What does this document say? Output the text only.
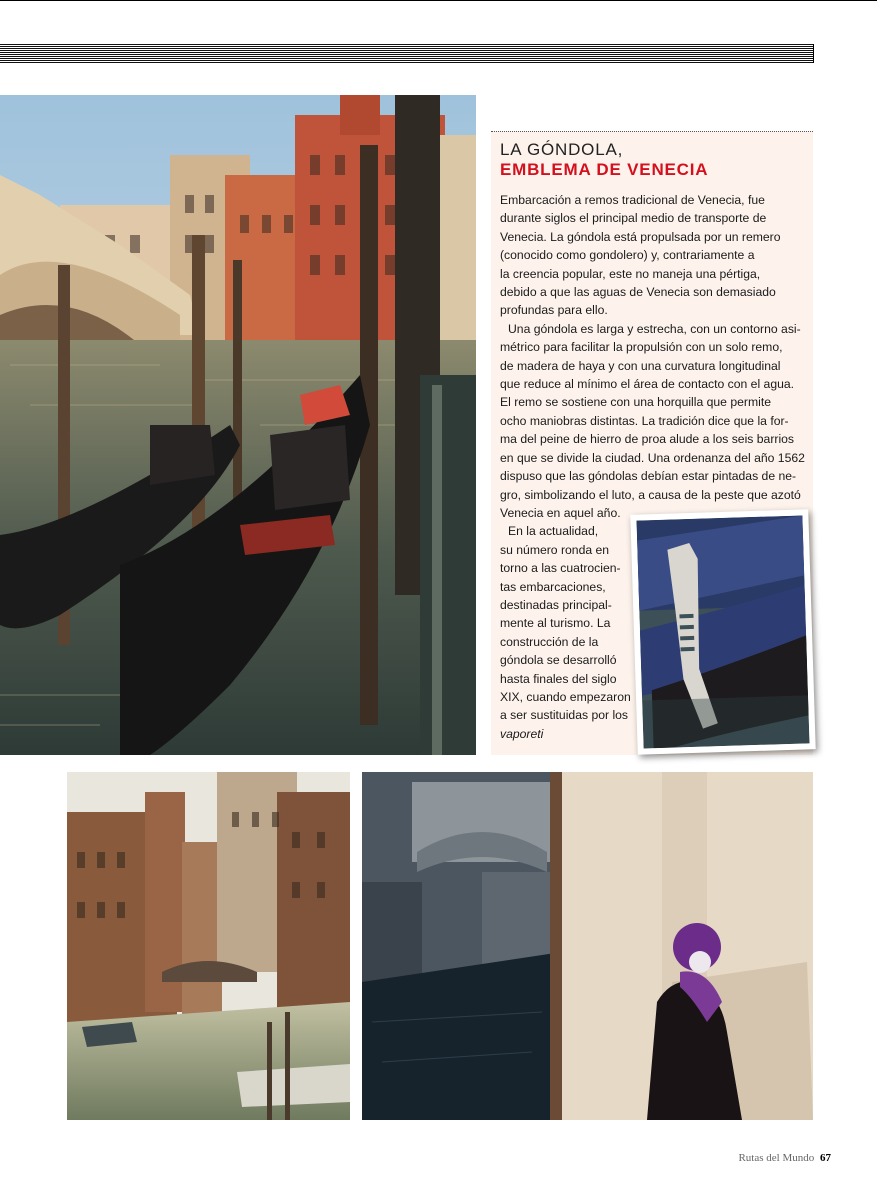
LA GÓNDOLA,
EMBLEMA DE VENECIA

Embarcación a remos tradicional de Venecia, fue

durante siglos el principal medio de transporte de

Venecia. La góndola está propulsada por un remero

(conocido como gondolero) y, contrariamente a

la creencia popular, este no maneja una pértiga,

debido a que las aguas de Venecia son demasiado

profundas para ello.

Una góndola es larga y estrecha, con un contorno asi-

métrico para facilitar la propulsión con un solo remo,

de madera de haya y con una curvatura longitudinal

que reduce al mínimo el área de contacto con el agua.

El remo se sostiene con una horquilla que permite

ocho maniobras distintas. La tradición dice que la for-

ma del peine de hierro de proa alude a los seis barrios

en que se divide la ciudad. Una ordenanza del año 1562

dispuso que las góndolas debían estar pintadas de ne-

gro, simbolizando el luto, a causa de la peste que azotó

Venecia en aquel año.

En la actualidad,

su número ronda en

torno a las cuatrocien-

tas embarcaciones,

destinadas principal-

mente al turismo. La

construcción de la

góndola se desarrolló

hasta finales del siglo

XIX, cuando empezaron

a ser sustituidas por los

vaporeti

Rutas del Mundo 67
